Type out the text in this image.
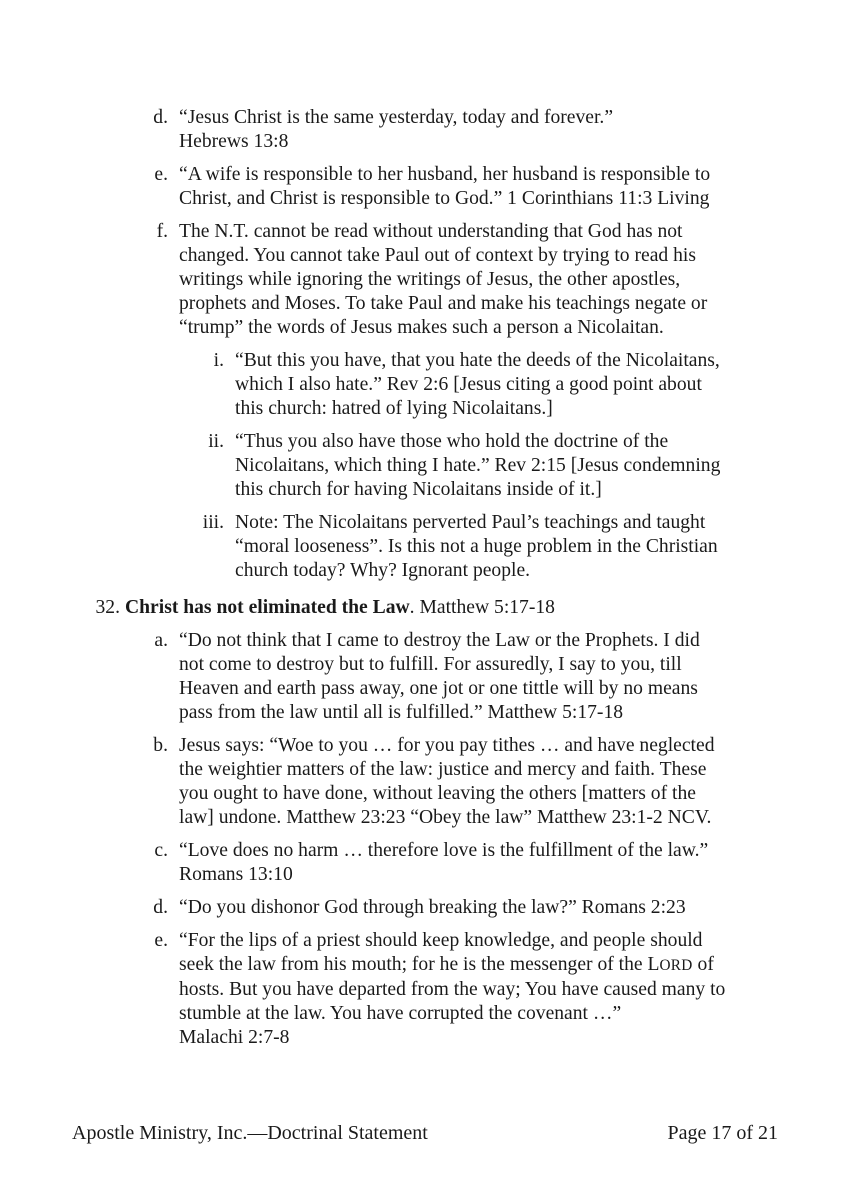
d. “Jesus Christ is the same yesterday, today and forever.”
Hebrews 13:8
e. “A wife is responsible to her husband, her husband is responsible to
Christ, and Christ is responsible to God.” 1 Corinthians 11:3 Living
f. The N.T. cannot be read without understanding that God has not
changed. You cannot take Paul out of context by trying to read his
writings while ignoring the writings of Jesus, the other apostles,
prophets and Moses. To take Paul and make his teachings negate or
“trump” the words of Jesus makes such a person a Nicolaitan.
i. “But this you have, that you hate the deeds of the Nicolaitans,
which I also hate.” Rev 2:6 [Jesus citing a good point about
this church: hatred of lying Nicolaitans.]
ii. “Thus you also have those who hold the doctrine of the
Nicolaitans, which thing I hate.” Rev 2:15 [Jesus condemning
this church for having Nicolaitans inside of it.]
iii. Note: The Nicolaitans perverted Paul’s teachings and taught
“moral looseness”. Is this not a huge problem in the Christian
church today? Why? Ignorant people.
32. Christ has not eliminated the Law. Matthew 5:17-18
a. “Do not think that I came to destroy the Law or the Prophets. I did
not come to destroy but to fulfill. For assuredly, I say to you, till
Heaven and earth pass away, one jot or one tittle will by no means
pass from the law until all is fulfilled.” Matthew 5:17-18
b. Jesus says: “Woe to you … for you pay tithes … and have neglected
the weightier matters of the law: justice and mercy and faith. These
you ought to have done, without leaving the others [matters of the
law] undone. Matthew 23:23 “Obey the law” Matthew 23:1-2 NCV.
c. “Love does no harm … therefore love is the fulfillment of the law.”
Romans 13:10
d. “Do you dishonor God through breaking the law?” Romans 2:23
e. “For the lips of a priest should keep knowledge, and people should
seek the law from his mouth; for he is the messenger of the LORD of
hosts. But you have departed from the way; You have caused many to
stumble at the law. You have corrupted the covenant …”
Malachi 2:7-8
Apostle Ministry, Inc.—Doctrinal Statement	Page 17 of 21
